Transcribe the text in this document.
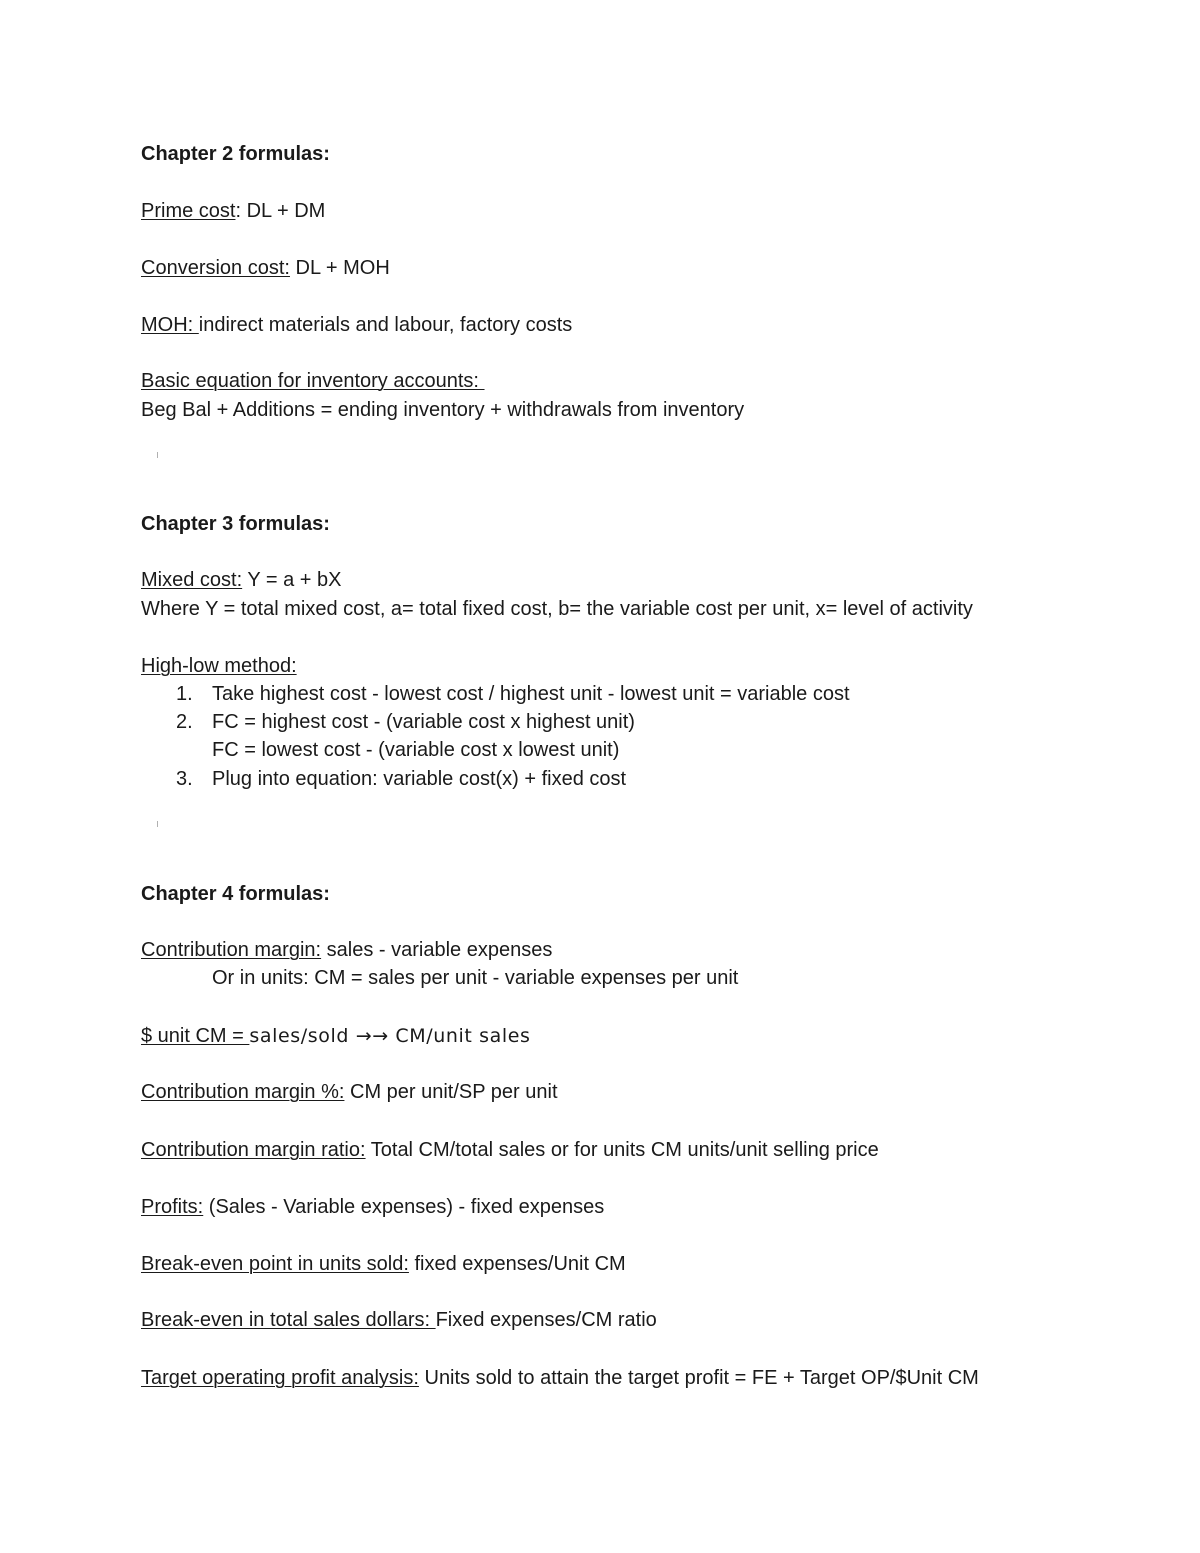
Chapter 2 formulas:
Prime cost: DL + DM
Conversion cost: DL + MOH
MOH: indirect materials and labour, factory costs
Basic equation for inventory accounts:
Beg Bal + Additions = ending inventory + withdrawals from inventory
Chapter 3 formulas:
Mixed cost: Y = a + bX
Where Y = total mixed cost, a= total fixed cost, b= the variable cost per unit, x= level of activity
High-low method:
1. Take highest cost - lowest cost / highest unit - lowest unit = variable cost
2. FC = highest cost - (variable cost x highest unit)
FC = lowest cost - (variable cost x lowest unit)
3. Plug into equation: variable cost(x) + fixed cost
Chapter 4 formulas:
Contribution margin: sales - variable expenses
Or in units: CM = sales per unit - variable expenses per unit
$ unit CM = sales/sold →→ CM/unit sales
Contribution margin %: CM per unit/SP per unit
Contribution margin ratio: Total CM/total sales or for units CM units/unit selling price
Profits: (Sales - Variable expenses) - fixed expenses
Break-even point in units sold: fixed expenses/Unit CM
Break-even in total sales dollars: Fixed expenses/CM ratio
Target operating profit analysis: Units sold to attain the target profit = FE + Target OP/$Unit CM
